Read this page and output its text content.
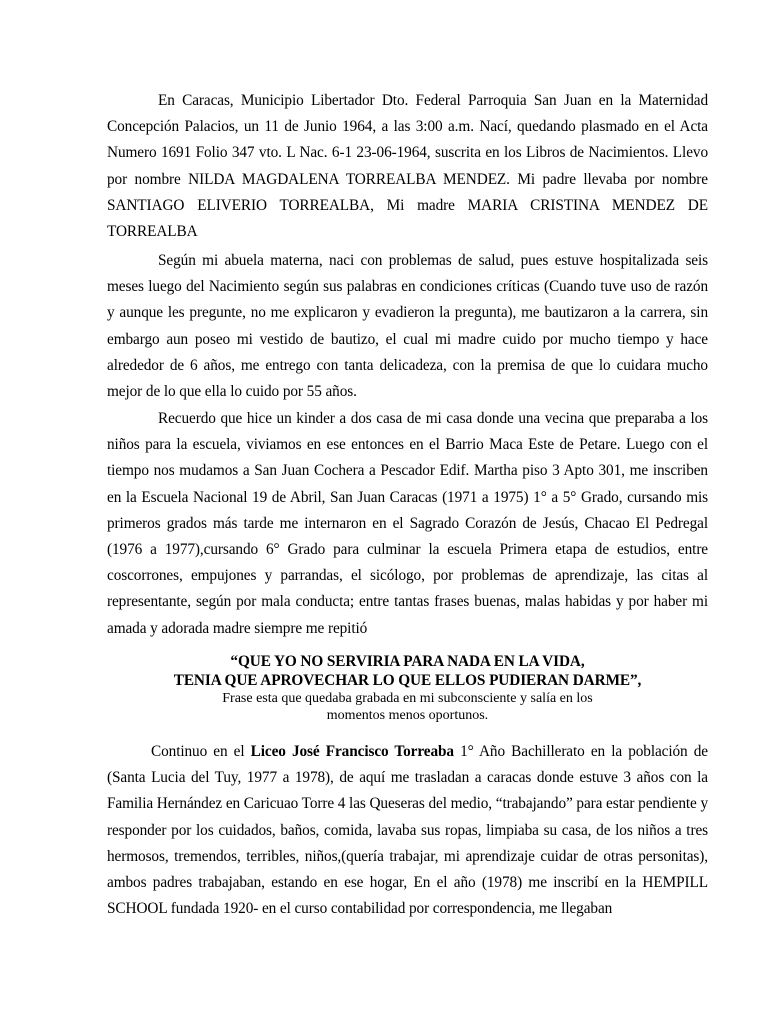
En Caracas, Municipio Libertador Dto. Federal Parroquia San Juan en la Maternidad Concepción Palacios, un 11 de Junio 1964, a las 3:00 a.m. Nací, quedando plasmado en el Acta Numero 1691 Folio 347 vto. L Nac. 6-1 23-06-1964, suscrita en los Libros de Nacimientos. Llevo por nombre NILDA MAGDALENA TORREALBA MENDEZ. Mi padre llevaba por nombre SANTIAGO ELIVERIO TORREALBA, Mi madre MARIA CRISTINA MENDEZ DE TORREALBA

Según mi abuela materna, naci con problemas de salud, pues estuve hospitalizada seis meses luego del Nacimiento según sus palabras en condiciones críticas (Cuando tuve uso de razón y aunque les pregunte, no me explicaron y evadieron la pregunta), me bautizaron a la carrera, sin embargo aun poseo mi vestido de bautizo, el cual mi madre cuido por mucho tiempo y hace alrededor de 6 años, me entrego con tanta delicadeza, con la premisa de que lo cuidara mucho mejor de lo que ella lo cuido por 55 años.

Recuerdo que hice un kinder a dos casa de mi casa donde una vecina que preparaba a los niños para la escuela, viviamos en ese entonces en el Barrio Maca Este de Petare. Luego con el tiempo nos mudamos a San Juan Cochera a Pescador Edif. Martha piso 3 Apto 301, me inscriben en la Escuela Nacional 19 de Abril, San Juan Caracas (1971 a 1975) 1° a 5° Grado, cursando mis primeros grados más tarde me internaron en el Sagrado Corazón de Jesús, Chacao El Pedregal (1976 a 1977),cursando 6° Grado para culminar la escuela Primera etapa de estudios, entre coscorrones, empujones y parrandas, el sicólogo, por problemas de aprendizaje, las citas al representante, según por mala conducta; entre tantas frases buenas, malas habidas y por haber mi amada y adorada madre siempre me repitió

“QUE YO NO SERVIRIA PARA NADA EN LA VIDA,
TENIA QUE APROVECHAR LO QUE ELLOS PUDIERAN DARME”,
Frase esta que quedaba grabada en mi subconsciente y salía en los
momentos menos oportunos.

Continuo en el Liceo José Francisco Torreaba 1° Año Bachillerato en la población de (Santa Lucia del Tuy, 1977 a 1978), de aquí me trasladan a caracas donde estuve 3 años con la Familia Hernández en Caricuao Torre 4 las Queseras del medio, “trabajando” para estar pendiente y responder por los cuidados, baños, comida, lavaba sus ropas, limpiaba su casa, de los niños a tres hermosos, tremendos, terribles, niños,(quería trabajar, mi aprendizaje cuidar de otras personitas), ambos padres trabajaban, estando en ese hogar, En el año (1978) me inscribí en la HEMPILL SCHOOL fundada 1920- en el curso contabilidad por correspondencia, me llegaban
